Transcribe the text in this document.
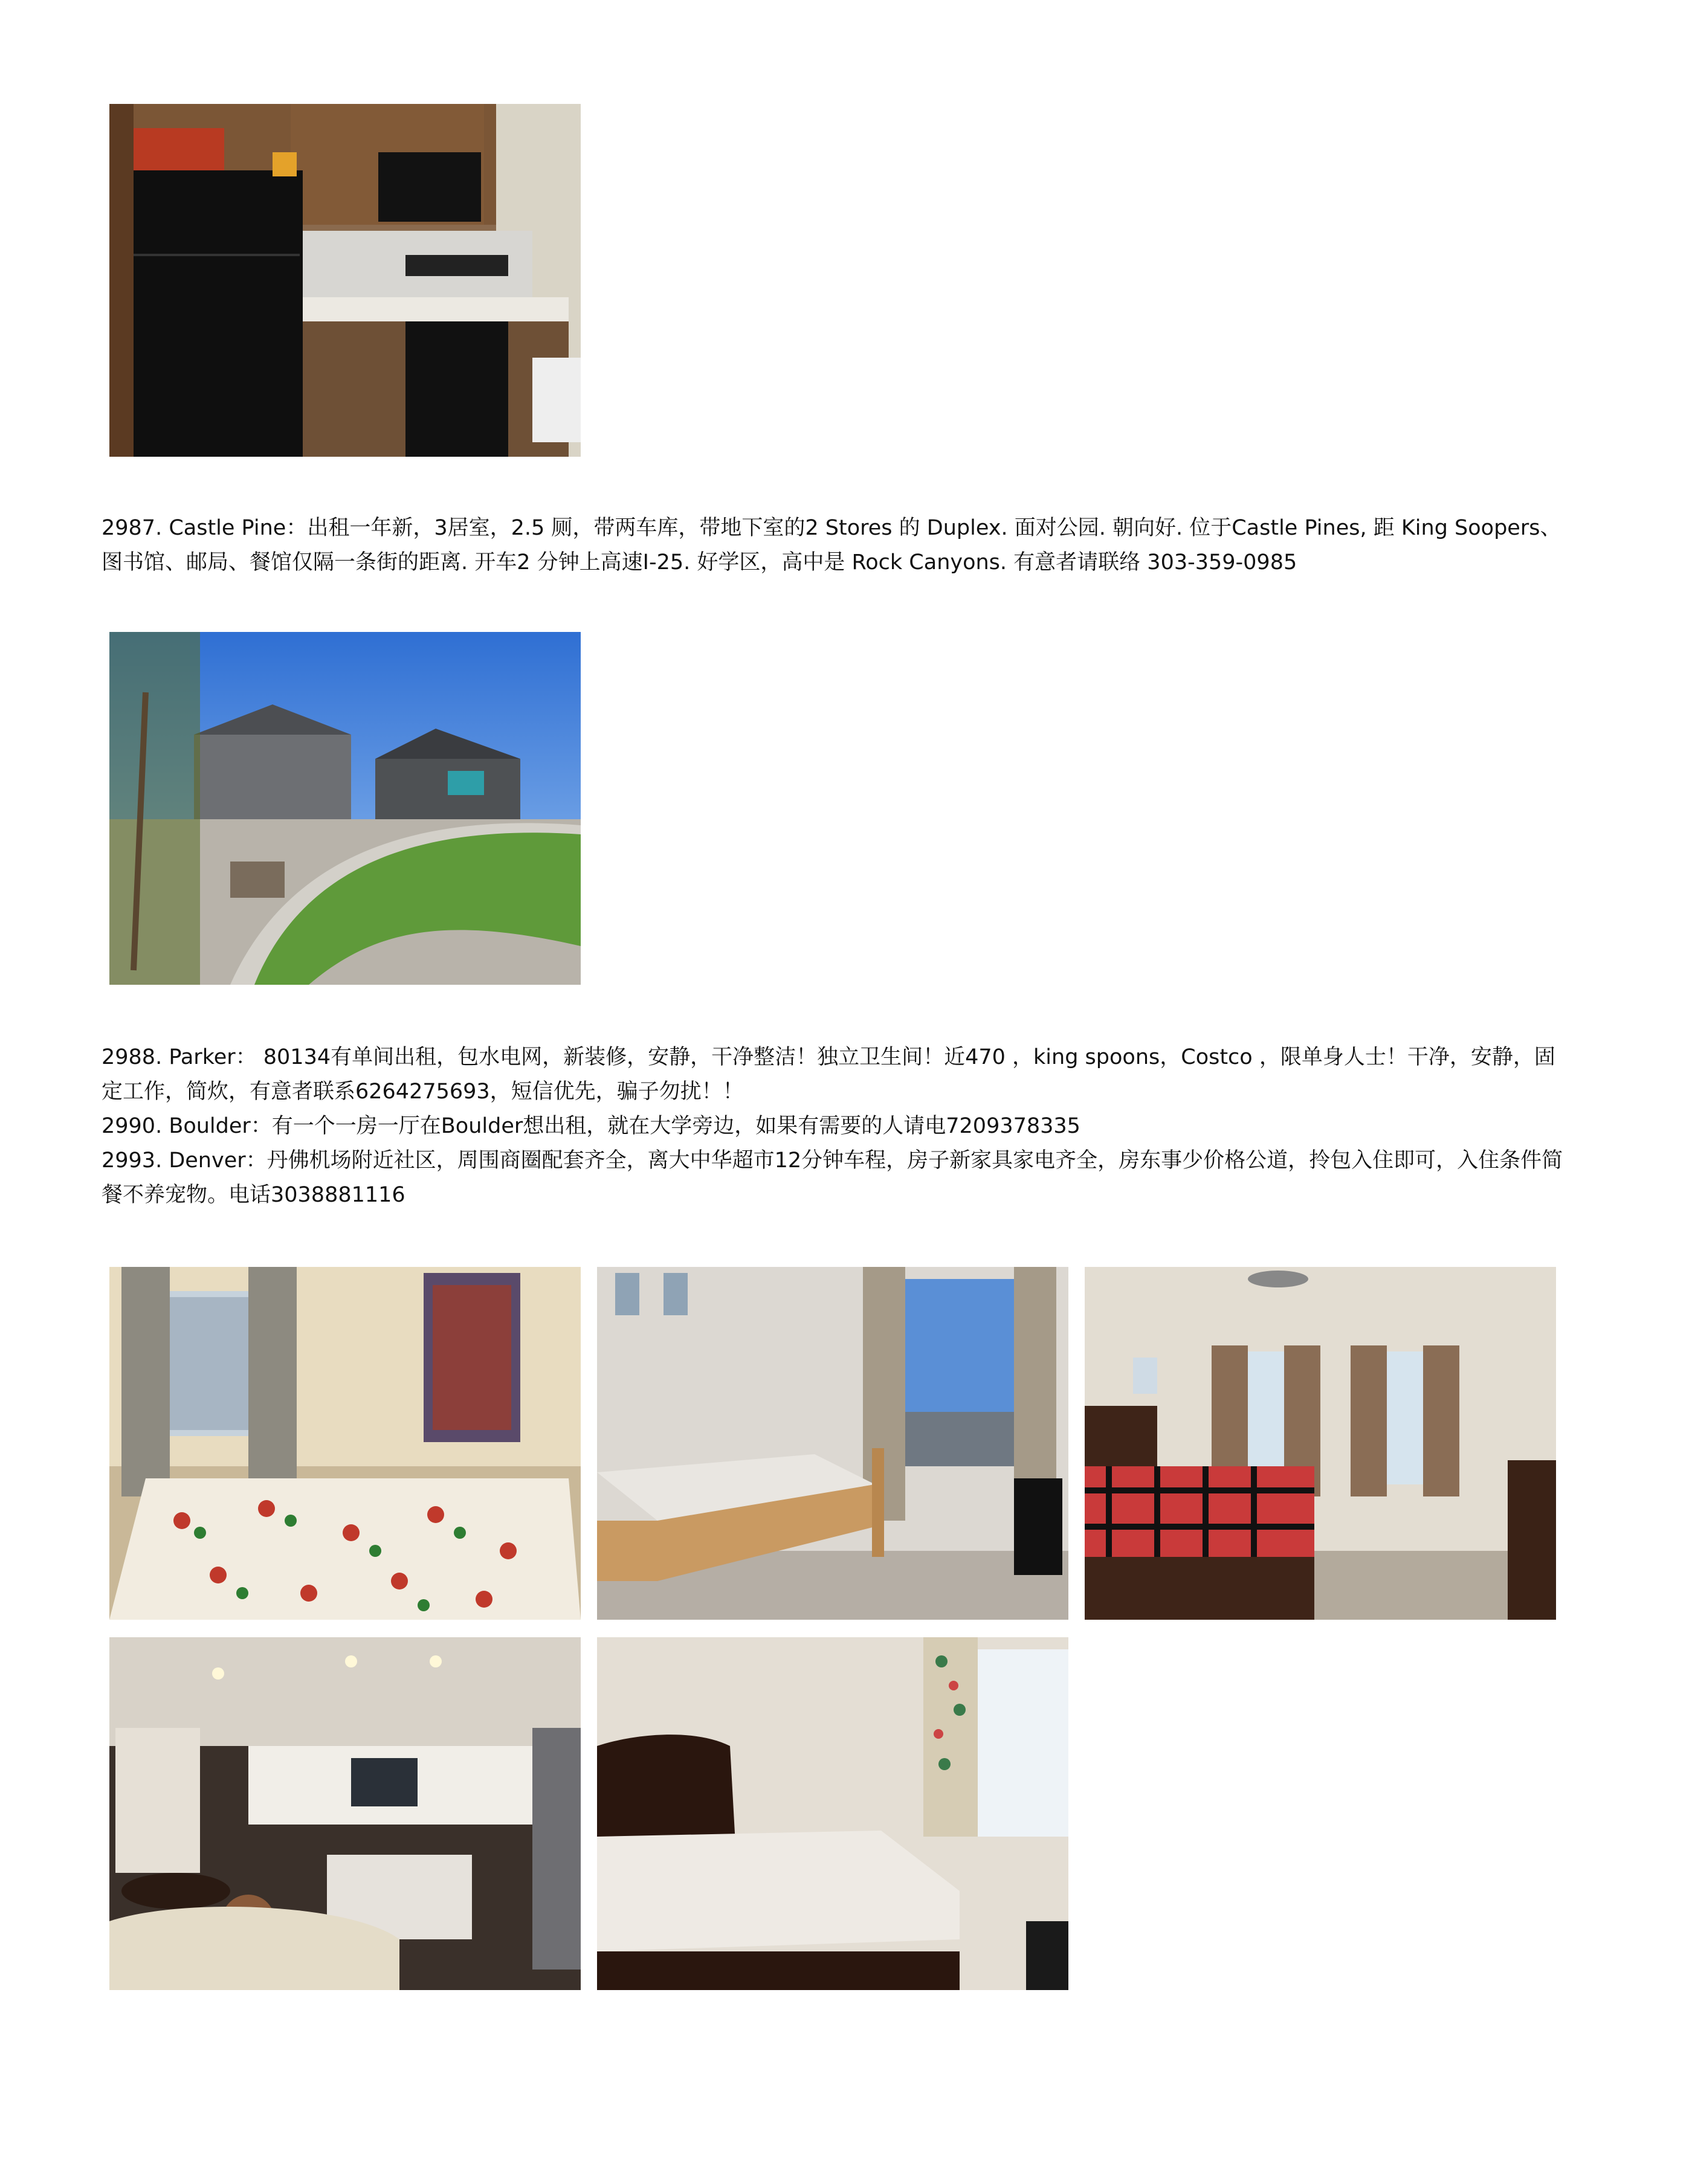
2987. Castle Pine：出租一年新，3居室，2.5 厕，带两车库，带地下室的2 Stores 的 Duplex. 面对公园. 朝向好. 位于Castle Pines, 距 King Soopers、图书馆、邮局、餐馆仅隔一条街的距离. 开车2 分钟上高速I-25. 好学区，高中是 Rock Canyons. 有意者请联络 303-359-0985

2988. Parker： 80134有单间出租，包水电网，新装修，安静，干净整洁！独立卫生间！近470 ，king spoons，Costco ，限单身人士！干净，安静，固定工作，简炊，有意者联系6264275693，短信优先，骗子勿扰！！

2990. Boulder：有一个一房一厅在Boulder想出租，就在大学旁边，如果有需要的人请电7209378335

2993. Denver：丹佛机场附近社区，周围商圈配套齐全，离大中华超市12分钟车程，房子新家具家电齐全，房东事少价格公道，拎包入住即可，入住条件简餐不养宠物。电话3038881116
